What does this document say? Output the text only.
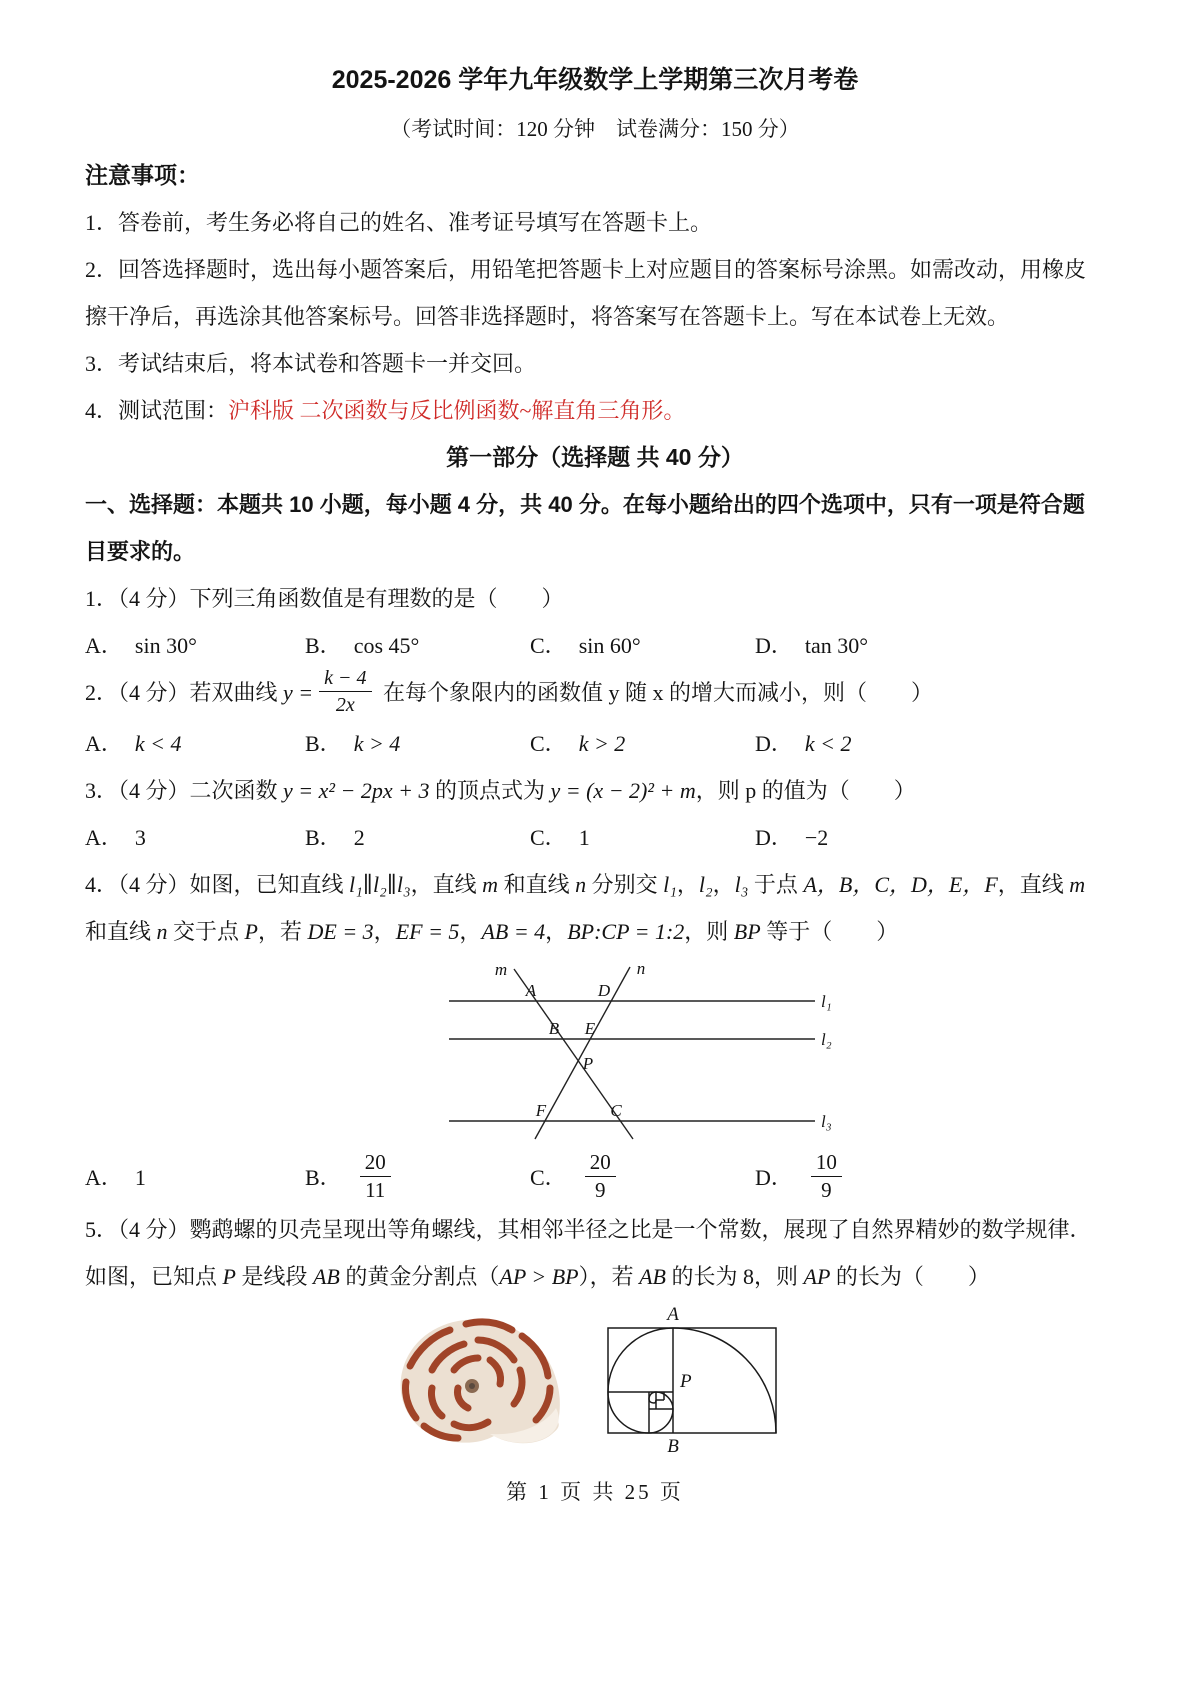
2025-2026 学年九年级数学上学期第三次月考卷
（考试时间：120 分钟　试卷满分：150 分）
注意事项：

1．答卷前，考生务必将自己的姓名、准考证号填写在答题卡上。

2．回答选择题时，选出每小题答案后，用铅笔把答题卡上对应题目的答案标号涂黑。如需改动，用橡皮擦干净后，再选涂其他答案标号。回答非选择题时，将答案写在答题卡上。写在本试卷上无效。

3．考试结束后，将本试卷和答题卡一并交回。

4．测试范围：沪科版 二次函数与反比例函数~解直角三角形。

第一部分（选择题 共 40 分）

一、选择题：本题共 10 小题，每小题 4 分，共 40 分。在每小题给出的四个选项中，只有一项是符合题目要求的。

1．（4 分）下列三角函数值是有理数的是（　　）

A． sin 30°	B． cos 45°	C． sin 60°	D． tan 30°

2．（4 分）若双曲线 $y = \frac{k - 4}{2x}$ 在每个象限内的函数值 y 随 x 的增大而减小，则（　　）

A． k < 4	B． k > 4	C． k > 2	D． k < 2

3．（4 分）二次函数 y = x² − 2px + 3 的顶点式为 y = (x − 2)² + m，则 p 的值为（　　）

A． 3	B． 2	C． 1	D． −2

4．（4 分）如图，已知直线 l₁∥l₂∥l₃，直线 m 和直线 n 分别交 l₁，l₂，l₃ 于点 A，B，C，D，E，F，直线 m 和直线 n 交于点 P，若 DE = 3，EF = 5，AB = 4，BP:CP = 1:2，则 BP 等于（　　）

m	n
A	D
B E
P
F	C
l₁
l₂
l₃
A． 1	B． $\frac{20}{11}$	C． $\frac{20}{9}$	D． $\frac{10}{9}$

5．（4 分）鹦鹉螺的贝壳呈现出等角螺线，其相邻半径之比是一个常数，展现了自然界精妙的数学规律．如图，已知点 P 是线段 AB 的黄金分割点（AP > BP），若 AB 的长为 8，则 AP 的长为（　　）

A
P
B
第 1 页 共 25 页
